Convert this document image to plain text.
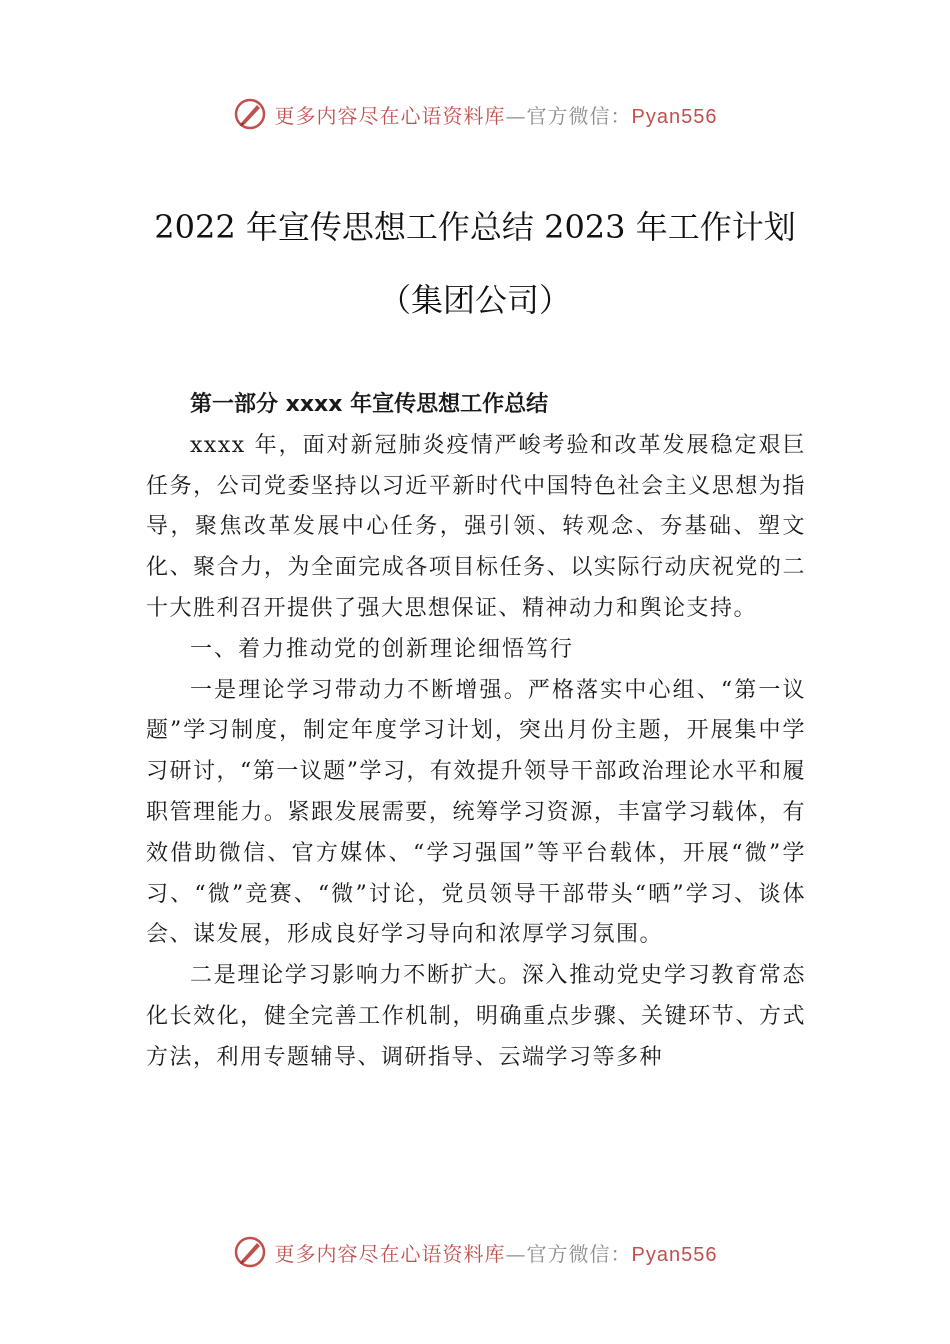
更多内容尽在心语资料库—官方微信：Pyan556
2022 年宣传思想工作总结 2023 年工作计划
（集团公司）

第一部分 xxxx 年宣传思想工作总结

xxxx 年，面对新冠肺炎疫情严峻考验和改革发展稳定艰巨任务，公司党委坚持以习近平新时代中国特色社会主义思想为指导，聚焦改革发展中心任务，强引领、转观念、夯基础、塑文化、聚合力，为全面完成各项目标任务、以实际行动庆祝党的二十大胜利召开提供了强大思想保证、精神动力和舆论支持。

一、着力推动党的创新理论细悟笃行

一是理论学习带动力不断增强。严格落实中心组、“第一议题”学习制度，制定年度学习计划，突出月份主题，开展集中学习研讨，“第一议题”学习，有效提升领导干部政治理论水平和履职管理能力。紧跟发展需要，统筹学习资源，丰富学习载体，有效借助微信、官方媒体、“学习强国”等平台载体，开展“微”学习、“微”竞赛、“微”讨论，党员领导干部带头“晒”学习、谈体会、谋发展，形成良好学习导向和浓厚学习氛围。

二是理论学习影响力不断扩大。深入推动党史学习教育常态化长效化，健全完善工作机制，明确重点步骤、关键环节、方式方法，利用专题辅导、调研指导、云端学习等多种

更多内容尽在心语资料库—官方微信：Pyan556
